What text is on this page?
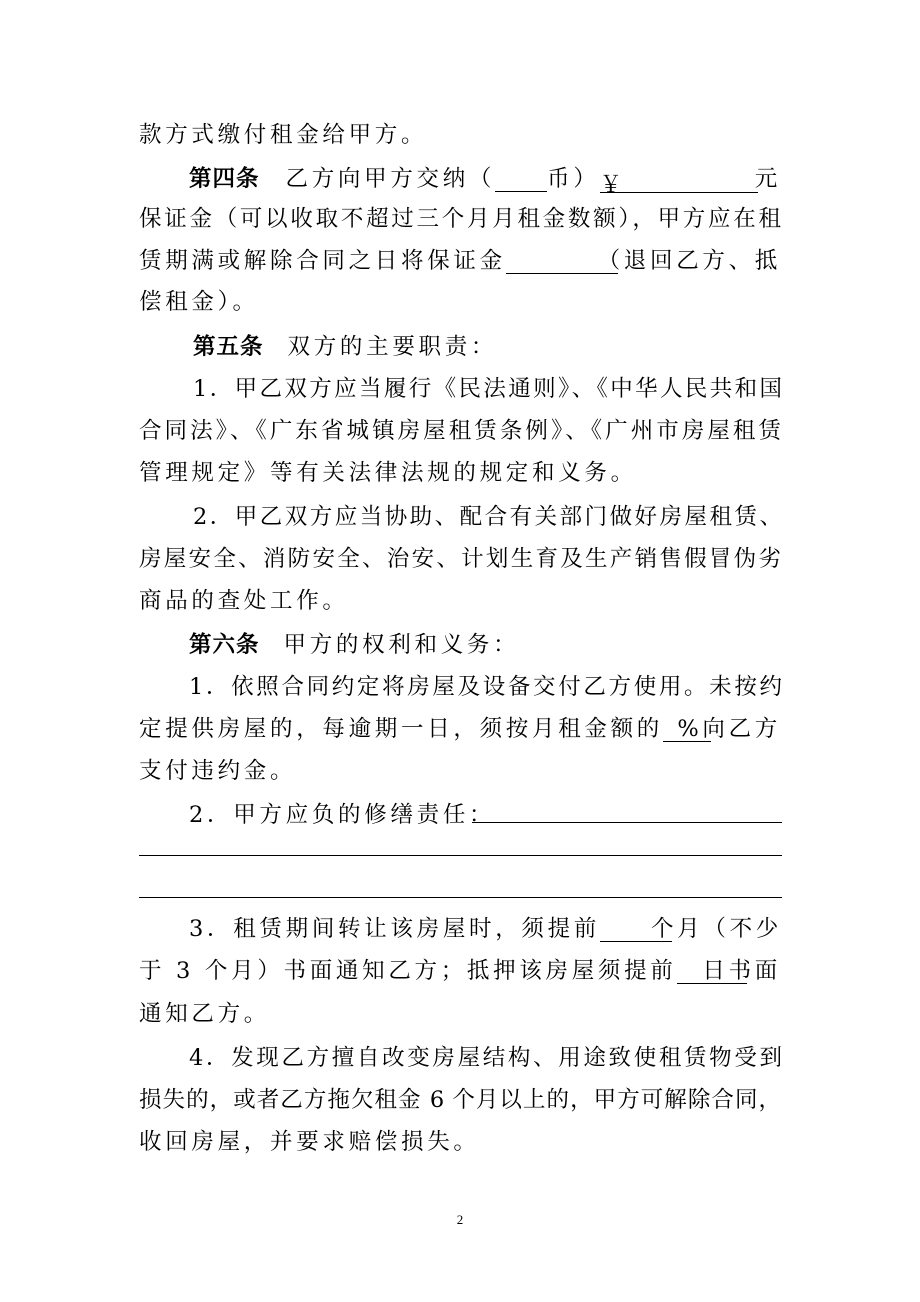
款方式缴付租金给甲方。
第四条 乙方向甲方交纳（ 币）￥	元
保证金（可以收取不超过三个月月租金数额），甲方应在租
赁期满或解除合同之日将保证金	（退回乙方、抵
偿租金）。
第五条 双方的主要职责：
1．甲乙双方应当履行《民法通则》、《中华人民共和国
合同法》、《广东省城镇房屋租赁条例》、《广州市房屋租赁
管理规定》等有关法律法规的规定和义务。
2．甲乙双方应当协助、配合有关部门做好房屋租赁、
房屋安全、消防安全、治安、计划生育及生产销售假冒伪劣
商品的查处工作。
第六条 甲方的权利和义务：
1．依照合同约定将房屋及设备交付乙方使用。未按约
定提供房屋的，每逾期一日，须按月租金额的 %向乙方
支付违约金。
2．甲方应负的修缮责任：
3．租赁期间转让该房屋时，须提前 个月（不少
于 3 个月）书面通知乙方；抵押该房屋须提前 日书面
通知乙方。
4．发现乙方擅自改变房屋结构、用途致使租赁物受到
损失的，或者乙方拖欠租金 6 个月以上的，甲方可解除合同，
收回房屋，并要求赔偿损失。
2
